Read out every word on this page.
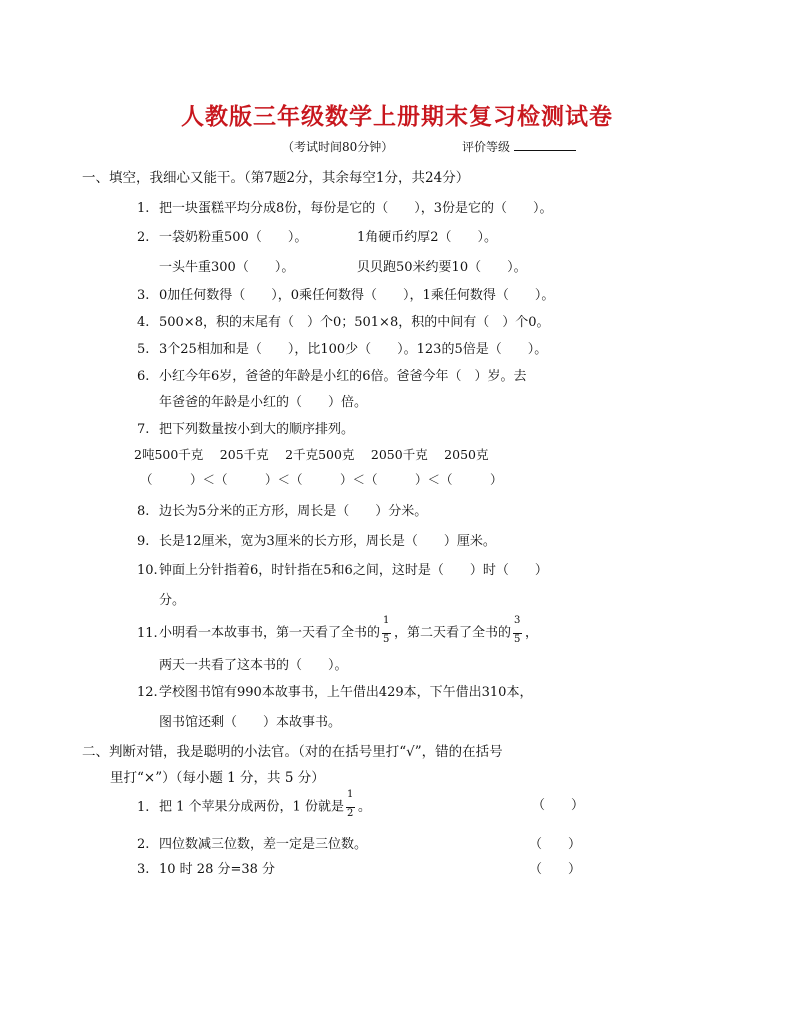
人教版三年级数学上册期末复习检测试卷
（考试时间80分钟）	评价等级
一、填空，我细心又能干。（第7题2分，其余每空1分，共24分）
1. 把一块蛋糕平均分成8份，每份是它的（　　），3份是它的（　　）。
2. 一袋奶粉重500（　　）。	1角硬币约厚2（　　）。
一头牛重300（　　）。	贝贝跑50米约要10（　　）。
3. 0加任何数得（　　），0乘任何数得（　　），1乘任何数得（　　）。
4. 500×8，积的末尾有（　）个0；501×8，积的中间有（　）个0。
5. 3个25相加和是（　　），比100少（　　）。123的5倍是（　　）。
6. 小红今年6岁，爸爸的年龄是小红的6倍。爸爸今年（　）岁。去
年爸爸的年龄是小红的（　　）倍。
7. 把下列数量按小到大的顺序排列。
2吨500千克　 205千克　 2千克500克　 2050千克　 2050克
（　　　）＜（　　　）＜（　　　）＜（　　　）＜（　　　）
8. 边长为5分米的正方形，周长是（　　）分米。
9. 长是12厘米，宽为3厘米的长方形，周长是（　　）厘米。
10.钟面上分针指着6，时针指在5和6之间，这时是（　　）时（　　）
分。
11.小明看一本故事书，第一天看了全书的 $\frac{1}{5}$ ，第二天看了全书的 $\frac{3}{5}$ ，
两天一共看了这本书的（　　）。
12.学校图书馆有990本故事书，上午借出429本，下午借出310本，
图书馆还剩（　　）本故事书。
二、判断对错，我是聪明的小法官。（对的在括号里打“√”，错的在括号
里打“×”）（每小题 1 分，共 5 分）
1. 把 1 个苹果分成两份，1 份就是 $\frac{1}{2}$ 。	（　　）
2. 四位数减三位数，差一定是三位数。	（　　）
3. 10 时 28 分=38 分	（　　）
